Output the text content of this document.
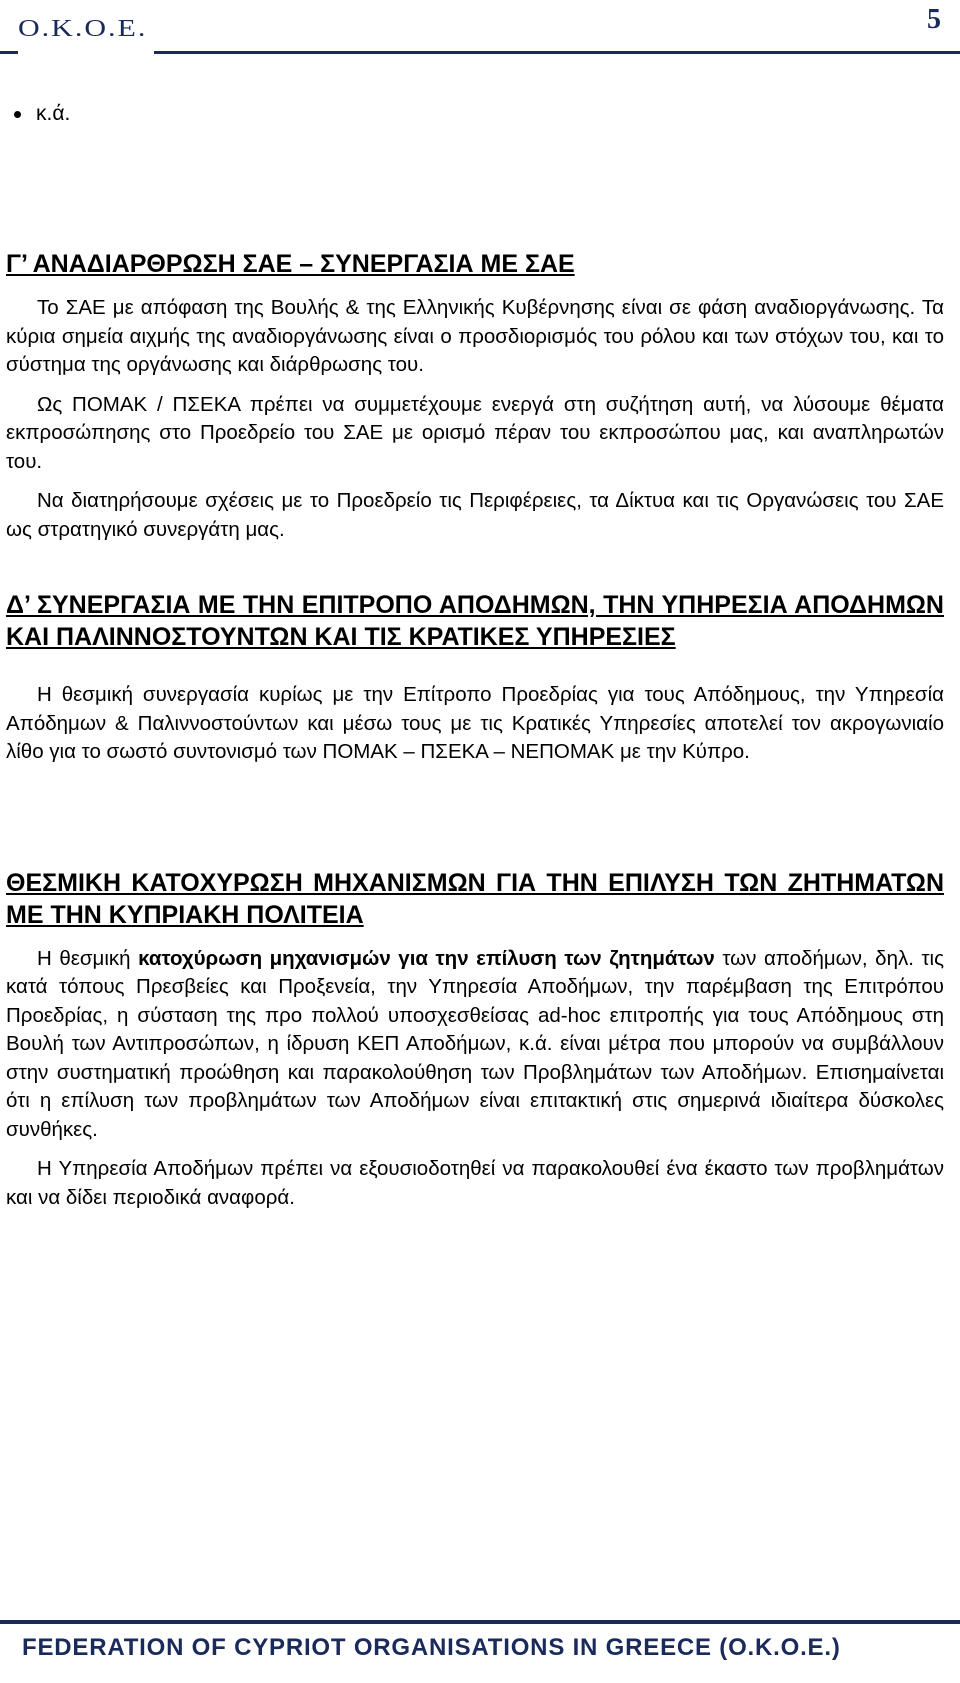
O.K.O.E.	5
κ.ά.
Γ’ ΑΝΑΔΙΑΡΘΡΩΣΗ ΣΑΕ – ΣΥΝΕΡΓΑΣΙΑ ΜΕ ΣΑΕ

Το ΣΑΕ με απόφαση της Βουλής & της Ελληνικής Κυβέρνησης είναι σε φάση αναδιοργάνωσης. Τα κύρια σημεία αιχμής της αναδιοργάνωσης είναι ο προσδιορισμός του ρόλου και των στόχων του, και το σύστημα της οργάνωσης και διάρθρωσης του.

Ως ΠΟΜΑΚ / ΠΣΕΚΑ πρέπει να συμμετέχουμε ενεργά στη συζήτηση αυτή, να λύσουμε θέματα εκπροσώπησης στο Προεδρείο του ΣΑΕ με ορισμό πέραν του εκπροσώπου μας, και αναπληρωτών του.

Να διατηρήσουμε σχέσεις με το Προεδρείο τις Περιφέρειες, τα Δίκτυα και τις Οργανώσεις του ΣΑΕ ως στρατηγικό συνεργάτη μας.

Δ’ ΣΥΝΕΡΓΑΣΙΑ ΜΕ ΤΗΝ ΕΠΙΤΡΟΠΟ ΑΠΟΔΗΜΩΝ, ΤΗΝ ΥΠΗΡΕΣΙΑ ΑΠΟΔΗΜΩΝ ΚΑΙ ΠΑΛΙΝΝΟΣΤΟΥΝΤΩΝ ΚΑΙ ΤΙΣ ΚΡΑΤΙΚΕΣ ΥΠΗΡΕΣΙΕΣ

Η θεσμική συνεργασία κυρίως με την Επίτροπο Προεδρίας για τους Απόδημους, την Υπηρεσία Απόδημων & Παλιννοστούντων και μέσω τους με τις Κρατικές Υπηρεσίες αποτελεί τον ακρογωνιαίο λίθο για το σωστό συντονισμό των ΠΟΜΑΚ – ΠΣΕΚΑ – ΝΕΠΟΜΑΚ με την Κύπρο.

ΘΕΣΜΙΚΗ ΚΑΤΟΧΥΡΩΣΗ ΜΗΧΑΝΙΣΜΩΝ ΓΙΑ ΤΗΝ ΕΠΙΛΥΣΗ ΤΩΝ ΖΗΤΗΜΑΤΩΝ ΜΕ ΤΗΝ ΚΥΠΡΙΑΚΗ ΠΟΛΙΤΕΙΑ

Η θεσμική κατοχύρωση μηχανισμών για την επίλυση των ζητημάτων των αποδήμων, δηλ. τις κατά τόπους Πρεσβείες και Προξενεία, την Υπηρεσία Αποδήμων, την παρέμβαση της Επιτρόπου Προεδρίας, η σύσταση της προ πολλού υποσχεσθείσας ad-hoc επιτροπής για τους Απόδημους στη Βουλή των Αντιπροσώπων, η ίδρυση ΚΕΠ Αποδήμων, κ.ά. είναι μέτρα που μπορούν να συμβάλλουν στην συστηματική προώθηση και παρακολούθηση των Προβλημάτων των Αποδήμων. Επισημαίνεται ότι η επίλυση των προβλημάτων των Αποδήμων είναι επιτακτική στις σημερινά ιδιαίτερα δύσκολες συνθήκες.

Η Υπηρεσία Αποδήμων πρέπει να εξουσιοδοτηθεί να παρακολουθεί ένα έκαστο των προβλημάτων και να δίδει περιοδικά αναφορά.

FEDERATION OF CYPRIOT ORGANISATIONS IN GREECE (O.K.O.E.)
